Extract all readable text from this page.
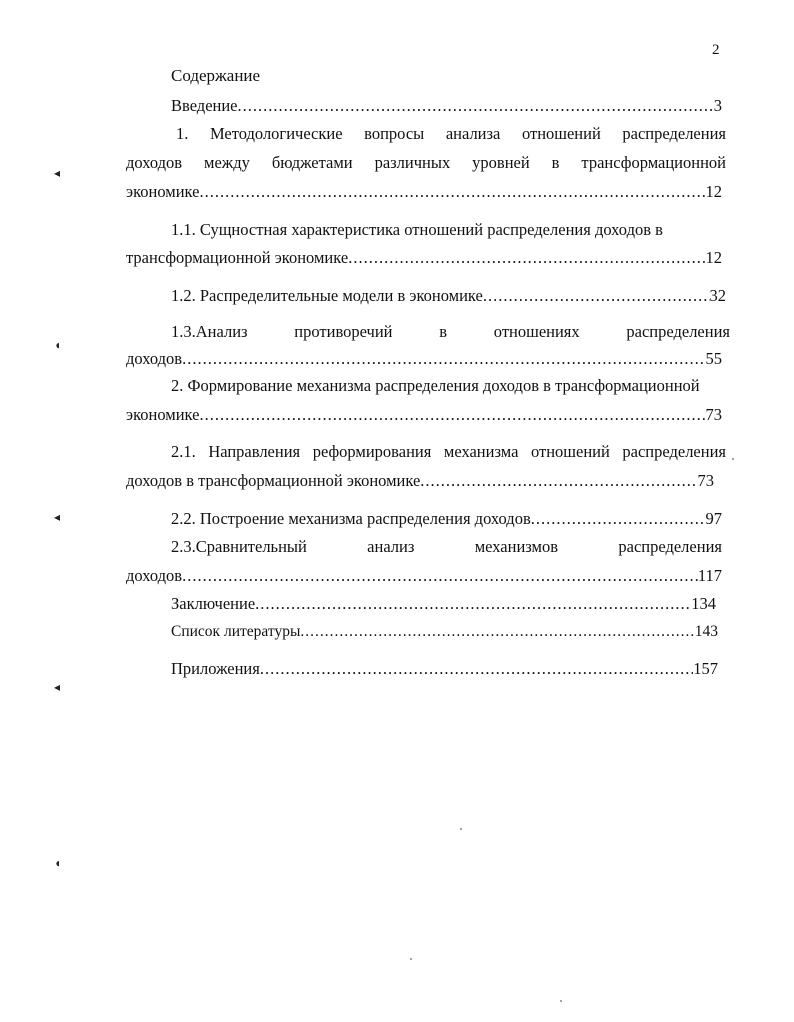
2
Содержание
Введение .....	3
1. Методологические вопросы анализа отношений распределения
доходов между бюджетами различных уровней в трансформационной
экономике .....	12
1.1. Сущностная характеристика отношений распределения доходов в
трансформационной экономике .....	12
1.2. Распределительные модели в экономике .....	32
1.3.Анализ противоречий в отношениях распределения
доходов .....	55
2. Формирование механизма распределения доходов в трансформационной
экономике .....	73
2.1. Направления реформирования механизма отношений распределения
доходов в трансформационной экономике .....	73
2.2. Построение механизма распределения доходов .....	97
2.3.Сравнительный анализ механизмов распределения
доходов .....	117
Заключение .....	134
Список литературы .....	143
Приложения .....	157
◂
◖
◂
◂
◖
